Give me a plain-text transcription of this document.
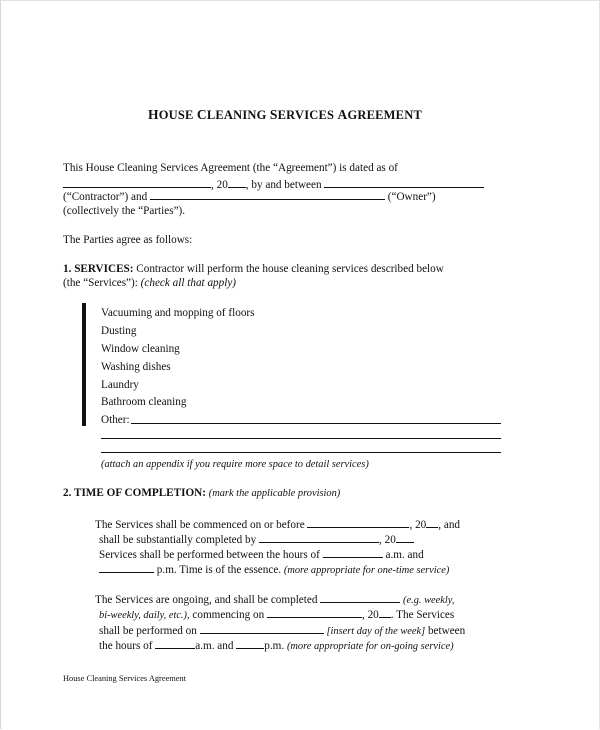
HOUSE CLEANING SERVICES AGREEMENT
This House Cleaning Services Agreement (the “Agreement”) is dated as of
, 20 , by and between
(“Contractor”) and	(“Owner”)
(collectively the “Parties”).
The Parties agree as follows:
1. SERVICES: Contractor will perform the house cleaning services described below
(the “Services”): (check all that apply)
Vacuuming and mopping of floors
Dusting
Window cleaning
Washing dishes
Laundry
Bathroom cleaning
Other:
(attach an appendix if you require more space to detail services)
2. TIME OF COMPLETION: (mark the applicable provision)
The Services shall be commenced on or before	, 20 , and
shall be substantially completed by	, 20
Services shall be performed between the hours of	a.m. and
p.m. Time is of the essence. (more appropriate for one-time service)
The Services are ongoing, and shall be completed	(e.g. weekly,
bi-weekly, daily, etc.), commencing on	, 20 . The Services
shall be performed on	[insert day of the week] between
the hours of	a.m. and	p.m. (more appropriate for on-going service)
House Cleaning Services Agreement
